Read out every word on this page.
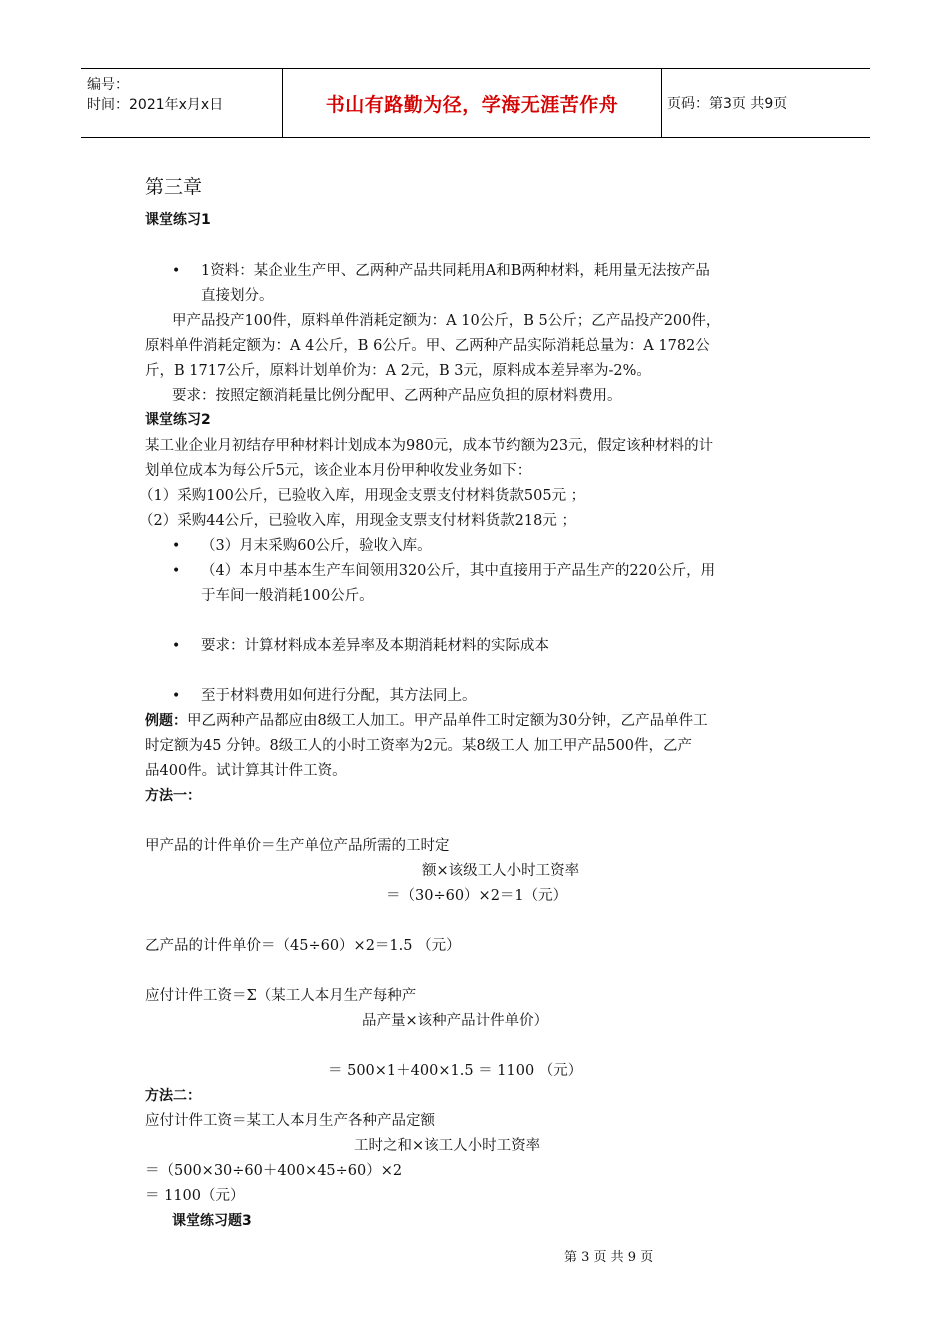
编号：
时间：2021年x月x日	书山有路勤为径，学海无涯苦作舟	页码：第3页 共9页
第三章
课堂练习1
• 1资料：某企业生产甲、乙两种产品共同耗用A和B两种材料，耗用量无法按产品
直接划分。
甲产品投产100件，原料单件消耗定额为：A 10公斤，B 5公斤；乙产品投产200件，
原料单件消耗定额为：A 4公斤，B 6公斤。甲、乙两种产品实际消耗总量为：A 1782公
斤，B 1717公斤，原料计划单价为：A 2元，B 3元，原料成本差异率为-2%。
要求：按照定额消耗量比例分配甲、乙两种产品应负担的原材料费用。
课堂练习2
某工业企业月初结存甲种材料计划成本为980元，成本节约额为23元，假定该种材料的计
划单位成本为每公斤5元，该企业本月份甲种收发业务如下：
（1）采购100公斤，已验收入库，用现金支票支付材料货款505元 ；
（2）采购44公斤，已验收入库，用现金支票支付材料货款218元 ；
• （3）月末采购60公斤，验收入库。
• （4）本月中基本生产车间领用320公斤，其中直接用于产品生产的220公斤，用
于车间一般消耗100公斤。
• 要求：计算材料成本差异率及本期消耗材料的实际成本
• 至于材料费用如何进行分配，其方法同上。
例题：甲乙两种产品都应由8级工人加工。甲产品单件工时定额为30分钟，乙产品单件工
时定额为45 分钟。8级工人的小时工资率为2元。某8级工人 加工甲产品500件，乙产
品400件。试计算其计件工资。
方法一：
甲产品的计件单价＝生产单位产品所需的工时定
额×该级工人小时工资率
＝（30÷60）×2＝1（元）
乙产品的计件单价＝（45÷60）×2＝1.5 （元）
应付计件工资＝Σ（某工人本月生产每种产
品产量×该种产品计件单价）
＝ 500×1＋400×1.5 ＝ 1100 （元）
方法二：
应付计件工资＝某工人本月生产各种产品定额
工时之和×该工人小时工资率
＝（500×30÷60＋400×45÷60）×2
＝ 1100（元）
课堂练习题3
第 3 页 共 9 页
